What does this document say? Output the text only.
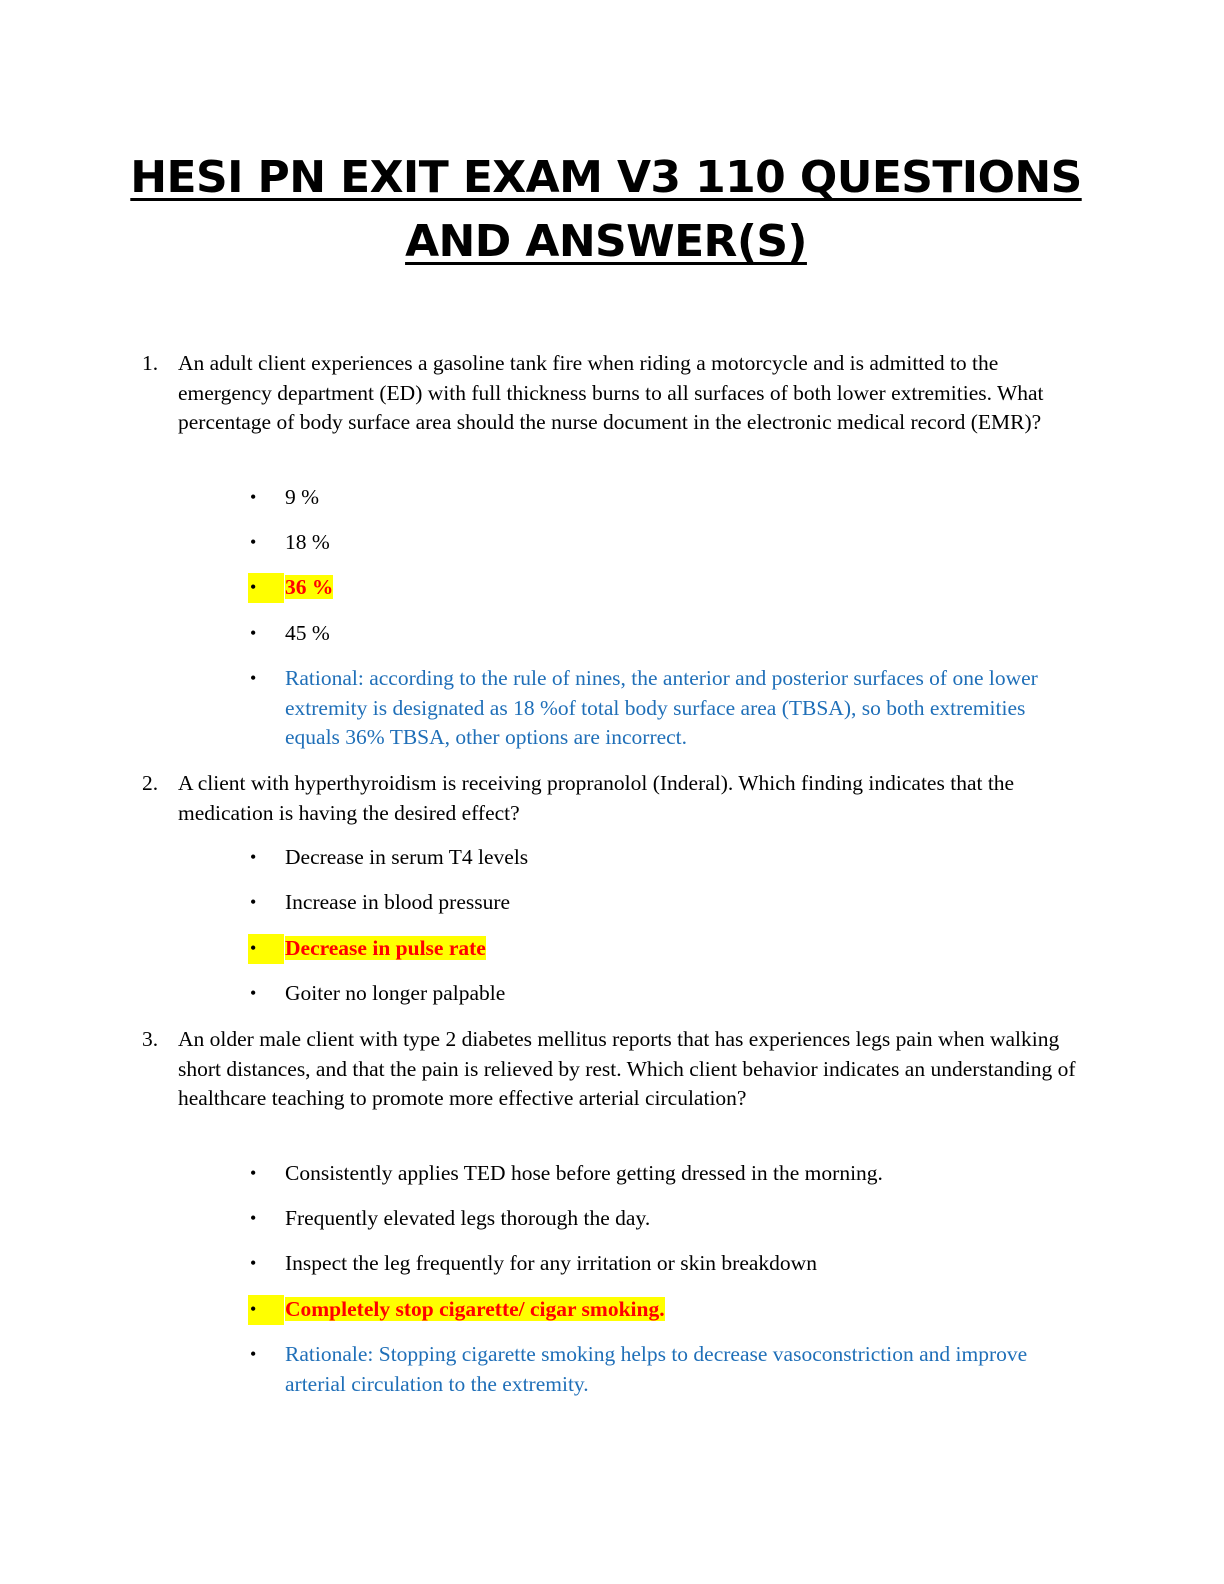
HESI PN EXIT EXAM V3 110 QUESTIONS
AND ANSWER(S)
1. An adult client experiences a gasoline tank fire when riding a motorcycle and is admitted to the emergency department (ED) with full thickness burns to all surfaces of both lower extremities. What percentage of body surface area should the nurse document in the electronic medical record (EMR)?
•	9 %
•	18 %
•	36 %
•	45 %
•	Rational: according to the rule of nines, the anterior and posterior surfaces of one lower extremity is designated as 18 %of total body surface area (TBSA), so both extremities equals 36% TBSA, other options are incorrect.
2. A client with hyperthyroidism is receiving propranolol (Inderal). Which finding indicates that the medication is having the desired effect?
•	Decrease in serum T4 levels
•	Increase in blood pressure
•	Decrease in pulse rate
•	Goiter no longer palpable
3. An older male client with type 2 diabetes mellitus reports that has experiences legs pain when walking short distances, and that the pain is relieved by rest. Which client behavior indicates an understanding of healthcare teaching to promote more effective arterial circulation?
•	Consistently applies TED hose before getting dressed in the morning.
•	Frequently elevated legs thorough the day.
•	Inspect the leg frequently for any irritation or skin breakdown
•	Completely stop cigarette/ cigar smoking.
•	Rationale: Stopping cigarette smoking helps to decrease vasoconstriction and improve arterial circulation to the extremity.
